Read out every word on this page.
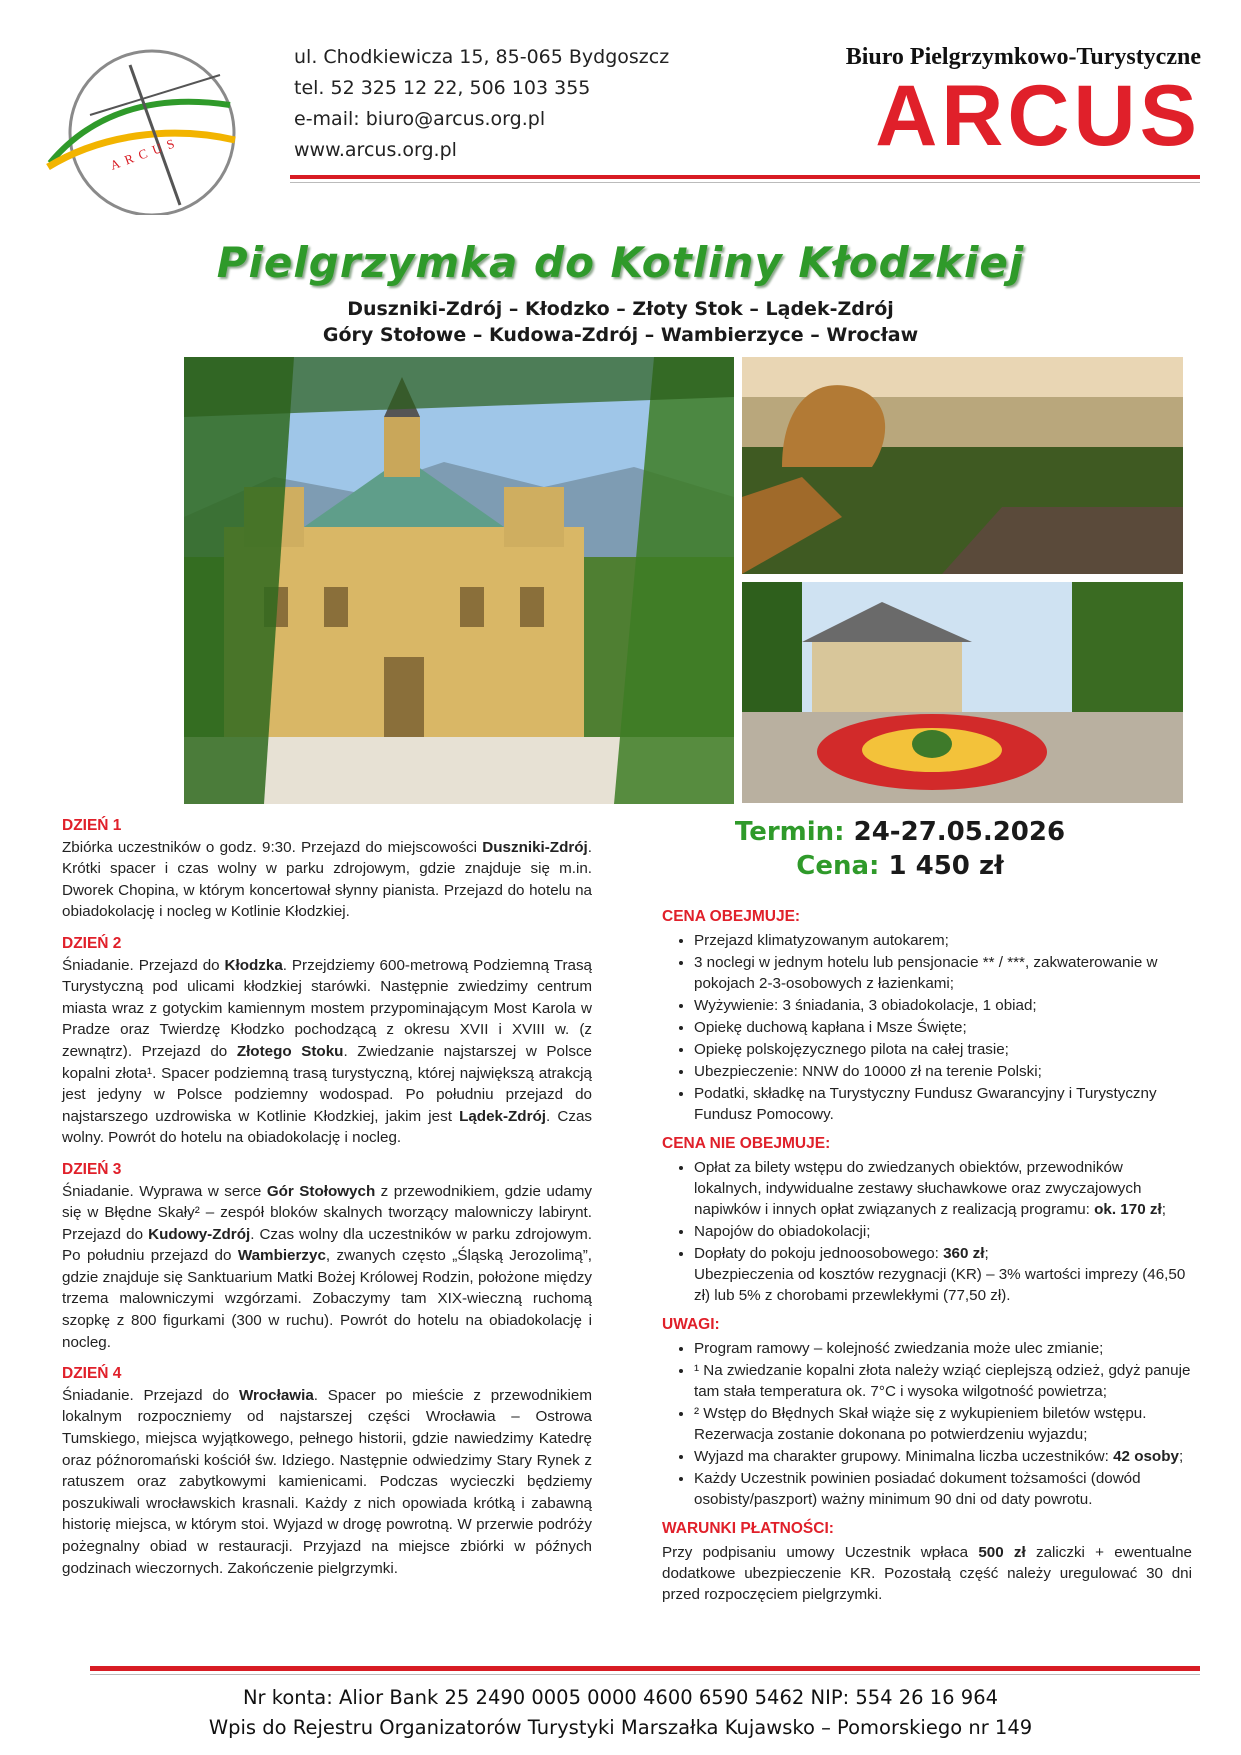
ARCUS
ul. Chodkiewicza 15, 85-065 Bydgoszcz
tel. 52 325 12 22, 506 103 355
e-mail: biuro@arcus.org.pl
www.arcus.org.pl
Biuro Pielgrzymkowo-Turystyczne
ARCUS
Pielgrzymka do Kotliny Kłodzkiej
Duszniki-Zdrój – Kłodzko – Złoty Stok – Lądek-Zdrój
Góry Stołowe – Kudowa-Zdrój – Wambierzyce – Wrocław
DZIEŃ 1

Zbiórka uczestników o godz. 9:30. Przejazd do miejscowości Duszniki-Zdrój. Krótki spacer i czas wolny w parku zdrojowym, gdzie znajduje się m.in. Dworek Chopina, w którym koncertował słynny pianista. Przejazd do hotelu na obiadokolację i nocleg w Kotlinie Kłodzkiej.

DZIEŃ 2

Śniadanie. Przejazd do Kłodzka. Przejdziemy 600-metrową Podziemną Trasą Turystyczną pod ulicami kłodzkiej starówki. Następnie zwiedzimy centrum miasta wraz z gotyckim kamiennym mostem przypominającym Most Karola w Pradze oraz Twierdzę Kłodzko pochodzącą z okresu XVII i XVIII w. (z zewnątrz). Przejazd do Złotego Stoku. Zwiedzanie najstarszej w Polsce kopalni złota¹. Spacer podziemną trasą turystyczną, której największą atrakcją jest jedyny w Polsce podziemny wodospad. Po południu przejazd do najstarszego uzdrowiska w Kotlinie Kłodzkiej, jakim jest Lądek-Zdrój. Czas wolny. Powrót do hotelu na obiadokolację i nocleg.

DZIEŃ 3

Śniadanie. Wyprawa w serce Gór Stołowych z przewodnikiem, gdzie udamy się w Błędne Skały² – zespół bloków skalnych tworzący malowniczy labirynt. Przejazd do Kudowy-Zdrój. Czas wolny dla uczestników w parku zdrojowym. Po południu przejazd do Wambierzyc, zwanych często „Śląską Jerozolimą”, gdzie znajduje się Sanktuarium Matki Bożej Królowej Rodzin, położone między trzema malowniczymi wzgórzami. Zobaczymy tam XIX-wieczną ruchomą szopkę z 800 figurkami (300 w ruchu). Powrót do hotelu na obiadokolację i nocleg.

DZIEŃ 4

Śniadanie. Przejazd do Wrocławia. Spacer po mieście z przewodnikiem lokalnym rozpoczniemy od najstarszej części Wrocławia – Ostrowa Tumskiego, miejsca wyjątkowego, pełnego historii, gdzie nawiedzimy Katedrę oraz późnoromański kościół św. Idziego. Następnie odwiedzimy Stary Rynek z ratuszem oraz zabytkowymi kamienicami. Podczas wycieczki będziemy poszukiwali wrocławskich krasnali. Każdy z nich opowiada krótką i zabawną historię miejsca, w którym stoi. Wyjazd w drogę powrotną. W przerwie podróży pożegnalny obiad w restauracji. Przyjazd na miejsce zbiórki w późnych godzinach wieczornych. Zakończenie pielgrzymki.

Termin: 24-27.05.2026
Cena: 1 450 zł
CENA OBEJMUJE:
• Przejazd klimatyzowanym autokarem;
• 3 noclegi w jednym hotelu lub pensjonacie ** / ***, zakwaterowanie w pokojach 2-3-osobowych z łazienkami;
• Wyżywienie: 3 śniadania, 3 obiadokolacje, 1 obiad;
• Opiekę duchową kapłana i Msze Święte;
• Opiekę polskojęzycznego pilota na całej trasie;
• Ubezpieczenie: NNW do 10000 zł na terenie Polski;
• Podatki, składkę na Turystyczny Fundusz Gwarancyjny i Turystyczny Fundusz Pomocowy.
CENA NIE OBEJMUJE:
• Opłat za bilety wstępu do zwiedzanych obiektów, przewodników lokalnych, indywidualne zestawy słuchawkowe oraz zwyczajowych napiwków i innych opłat związanych z realizacją programu: ok. 170 zł;
• Napojów do obiadokolacji;
• Dopłaty do pokoju jednoosobowego: 360 zł;
Ubezpieczenia od kosztów rezygnacji (KR) – 3% wartości imprezy (46,50 zł) lub 5% z chorobami przewlekłymi (77,50 zł).
UWAGI:
• Program ramowy – kolejność zwiedzania może ulec zmianie;
• ¹ Na zwiedzanie kopalni złota należy wziąć cieplejszą odzież, gdyż panuje tam stała temperatura ok. 7°C i wysoka wilgotność powietrza;
• ² Wstęp do Błędnych Skał wiąże się z wykupieniem biletów wstępu. Rezerwacja zostanie dokonana po potwierdzeniu wyjazdu;
• Wyjazd ma charakter grupowy. Minimalna liczba uczestników: 42 osoby;
• Każdy Uczestnik powinien posiadać dokument tożsamości (dowód osobisty/paszport) ważny minimum 90 dni od daty powrotu.
WARUNKI PŁATNOŚCI:

Przy podpisaniu umowy Uczestnik wpłaca 500 zł zaliczki + ewentualne dodatkowe ubezpieczenie KR. Pozostałą część należy uregulować 30 dni przed rozpoczęciem pielgrzymki.

Nr konta: Alior Bank 25 2490 0005 0000 4600 6590 5462 NIP: 554 26 16 964
Wpis do Rejestru Organizatorów Turystyki Marszałka Kujawsko – Pomorskiego nr 149
